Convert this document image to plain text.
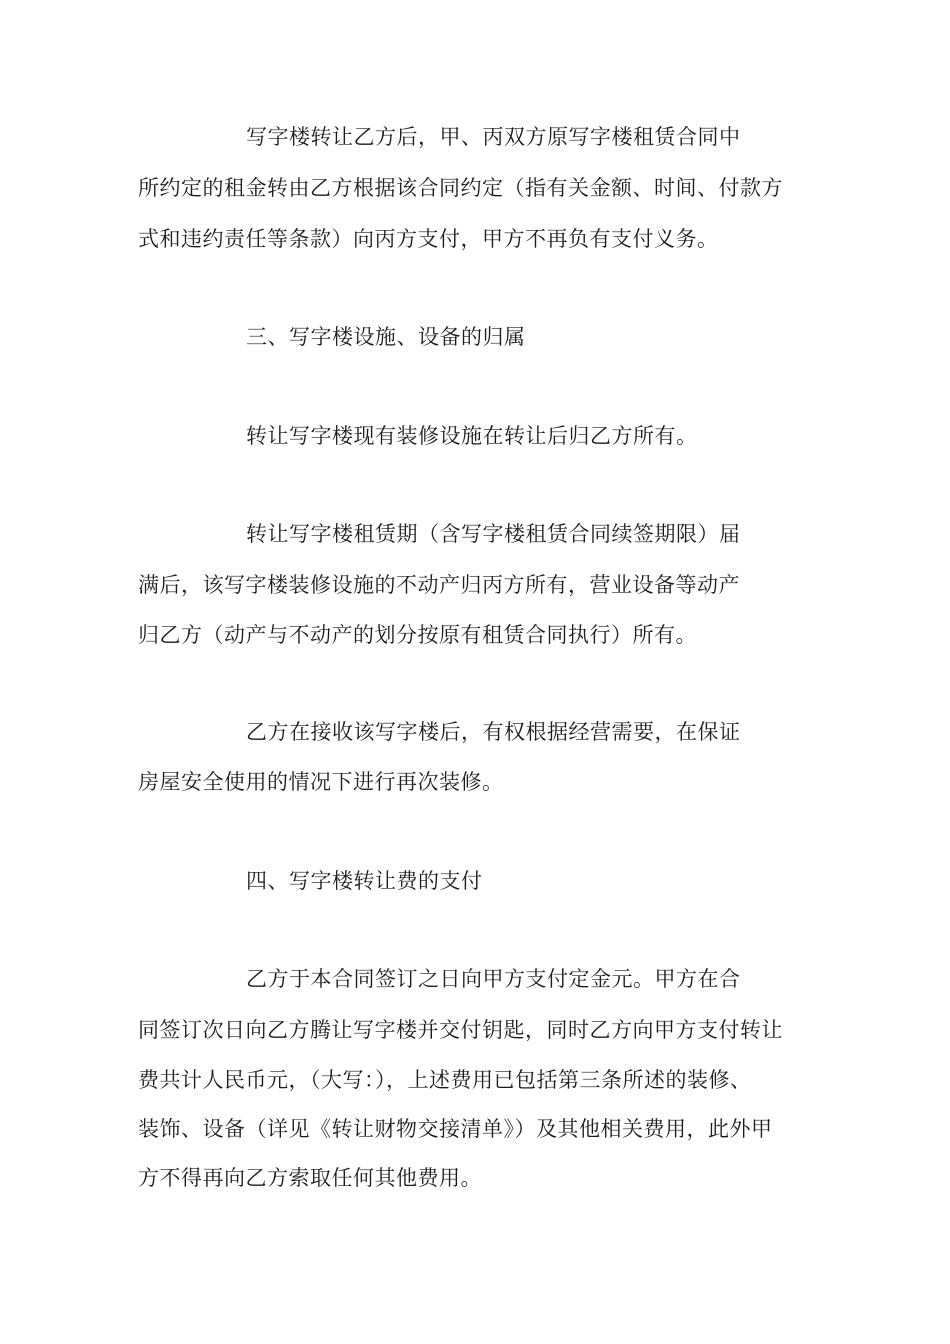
写字楼转让乙方后，甲、丙双方原写字楼租赁合同中
所约定的租金转由乙方根据该合同约定（指有关金额、时间、付款方
式和违约责任等条款）向丙方支付，甲方不再负有支付义务。
三、写字楼设施、设备的归属
转让写字楼现有装修设施在转让后归乙方所有。
转让写字楼租赁期（含写字楼租赁合同续签期限）届
满后，该写字楼装修设施的不动产归丙方所有，营业设备等动产
归乙方（动产与不动产的划分按原有租赁合同执行）所有。
乙方在接收该写字楼后，有权根据经营需要，在保证
房屋安全使用的情况下进行再次装修。
四、写字楼转让费的支付
乙方于本合同签订之日向甲方支付定金元。甲方在合
同签订次日向乙方腾让写字楼并交付钥匙，同时乙方向甲方支付转让
费共计人民币元，（大写：），上述费用已包括第三条所述的装修、
装饰、设备（详见《转让财物交接清单》）及其他相关费用，此外甲
方不得再向乙方索取任何其他费用。
